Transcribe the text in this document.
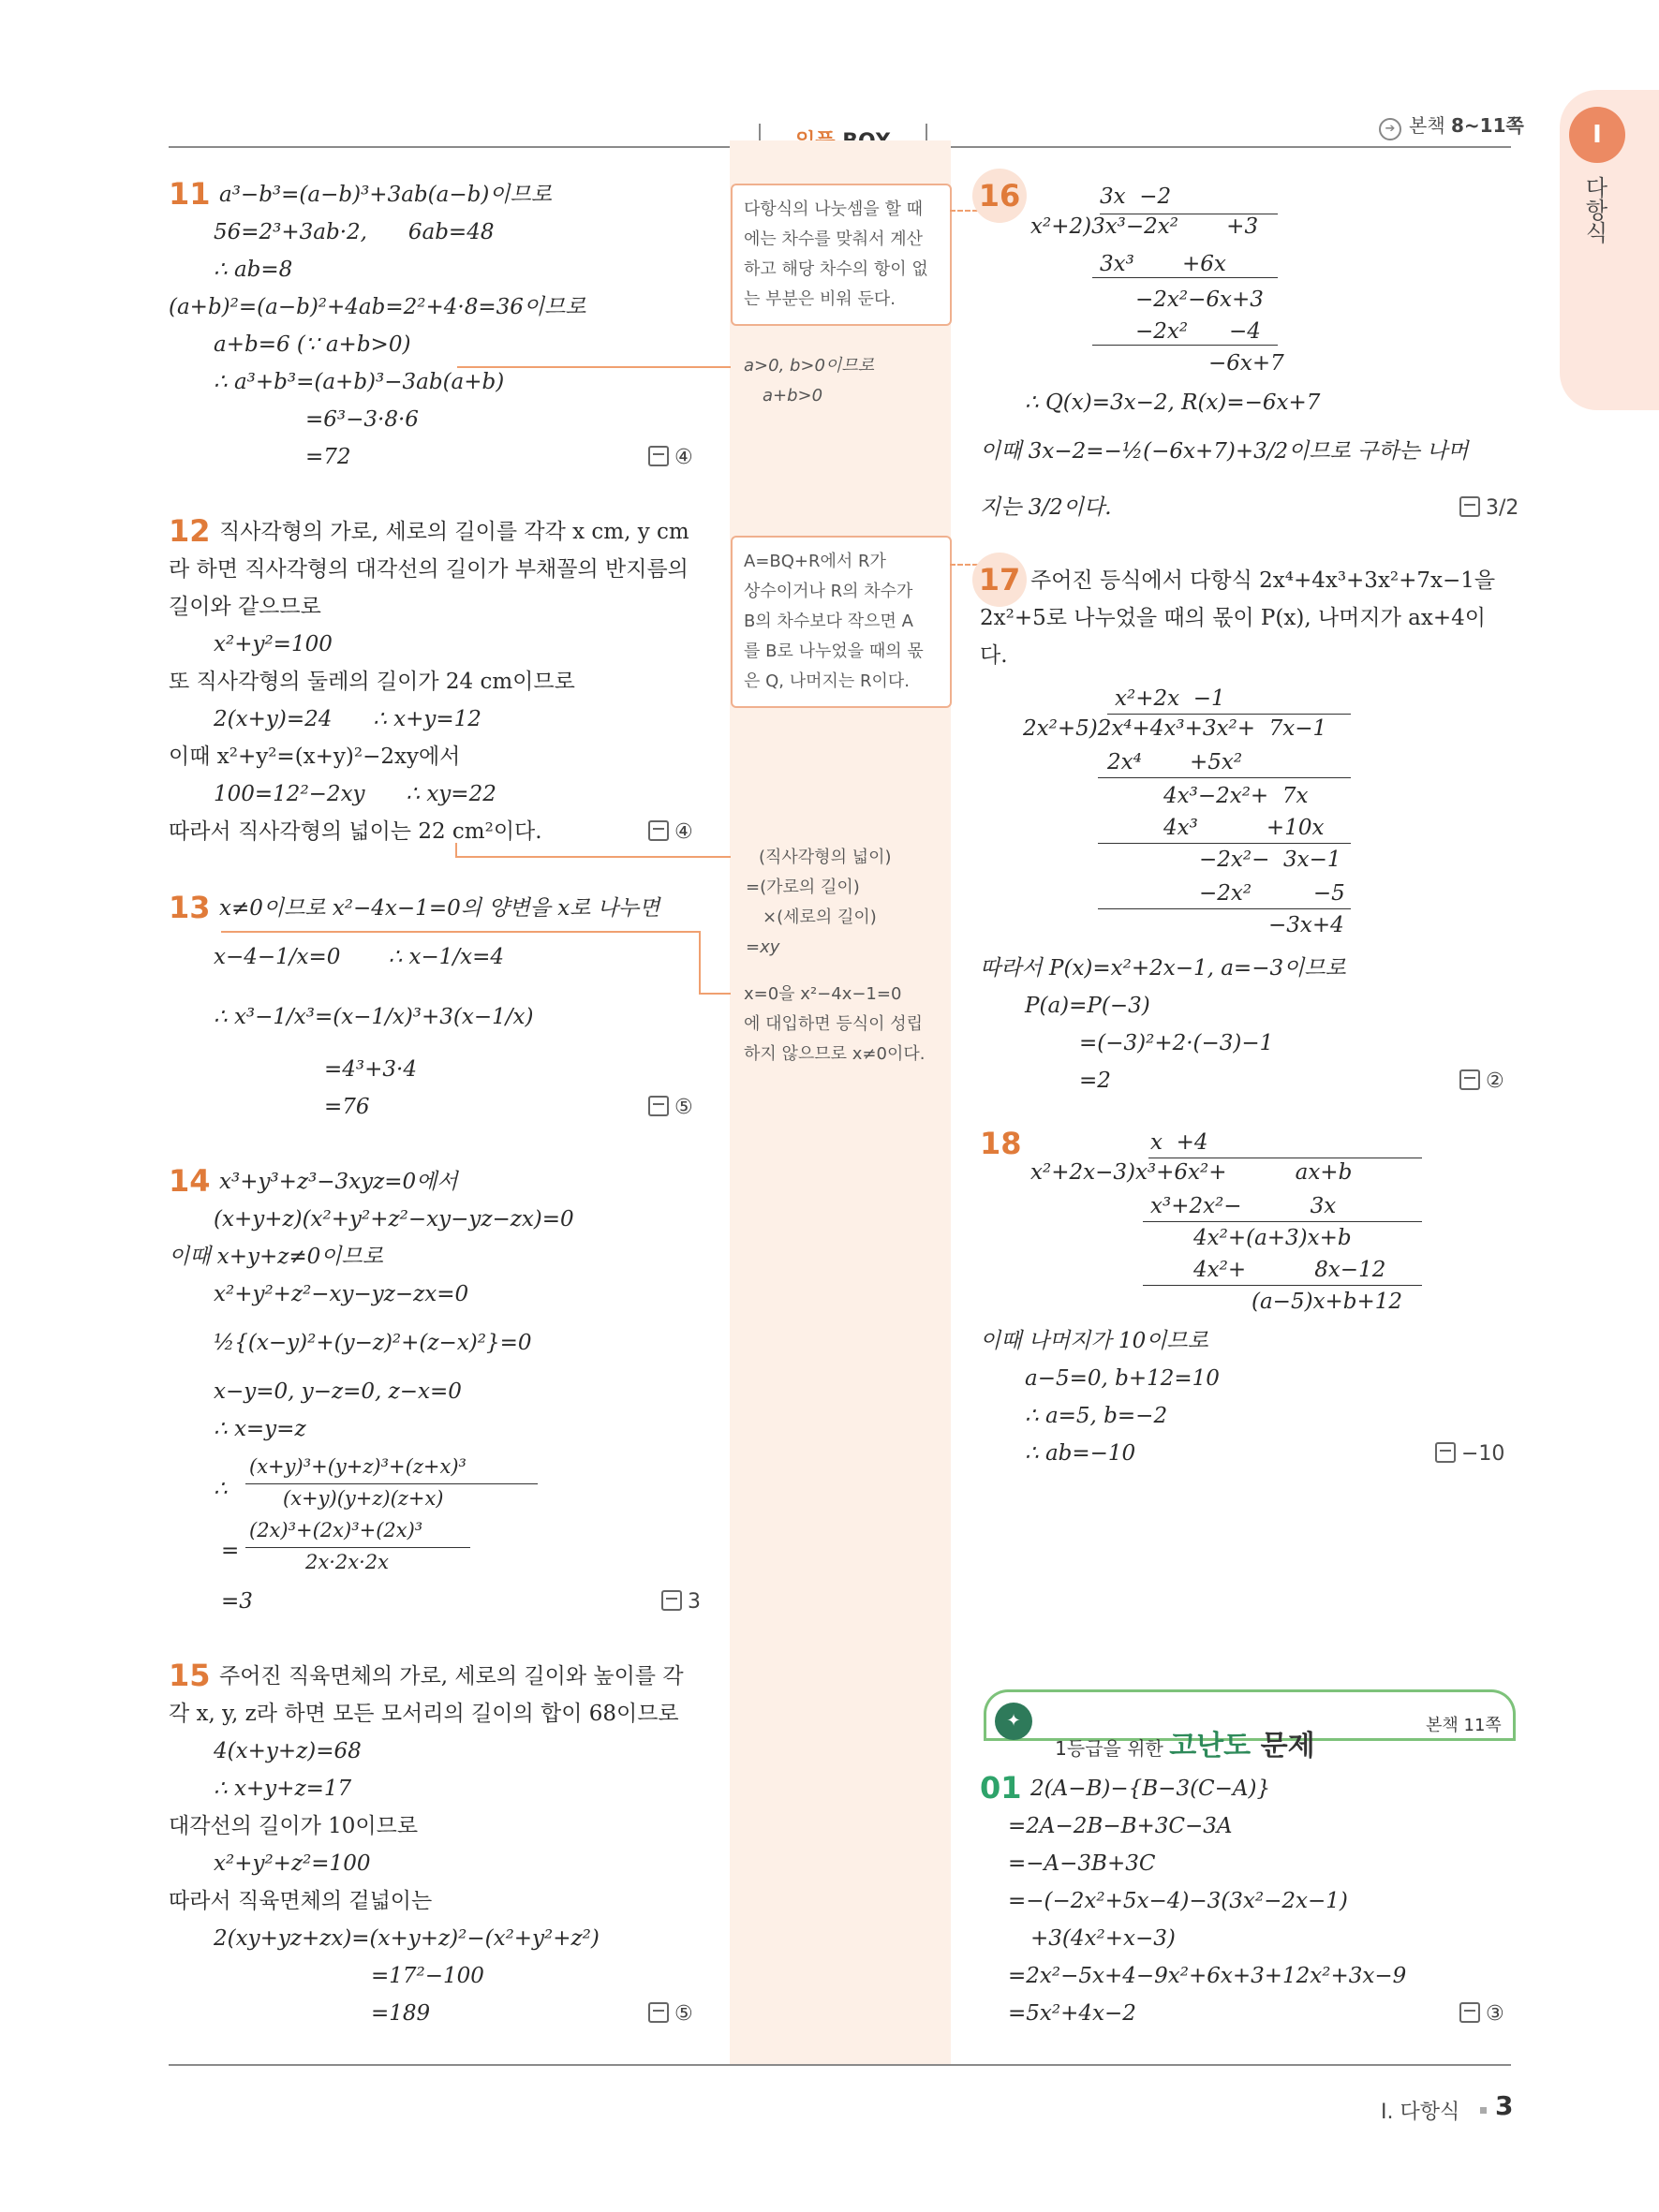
I
다항식
➔ 본책 8~11쪽
다항식의 나눗셈을 할 때
에는 차수를 맞춰서 계산
하고 해당 차수의 항이 없
는 부분은 비워 둔다.
a>0, b>0이므로
a+b>0
A=BQ+R에서 R가
상수이거나 R의 차수가
B의 차수보다 작으면 A
를 B로 나누었을 때의 몫
은 Q, 나머지는 R이다.
(직사각형의 넓이)
=(가로의 길이)
×(세로의 길이)
=xy
x=0을 x²−4x−1=0
에 대입하면 등식이 성립
하지 않으므로 x≠0이다.
11 a³−b³=(a−b)³+3ab(a−b)이므로
56=2³+3ab·2,      6ab=48
∴ ab=8
(a+b)²=(a−b)²+4ab=2²+4·8=36이므로
a+b=6 (∵ a+b>0)
∴ a³+b³=(a+b)³−3ab(a+b)
=6³−3·8·6
=72	④
12 직사각형의 가로, 세로의 길이를 각각 x cm, y cm
라 하면 직사각형의 대각선의 길이가 부채꼴의 반지름의
길이와 같으므로
x²+y²=100
또 직사각형의 둘레의 길이가 24 cm이므로
2(x+y)=24      ∴ x+y=12
이때 x²+y²=(x+y)²−2xy에서
100=12²−2xy      ∴ xy=22
따라서 직사각형의 넓이는 22 cm²이다.	④
13 x≠0이므로 x²−4x−1=0의 양변을 x로 나누면
x−4−1/x=0       ∴ x−1/x=4
∴ x³−1/x³=(x−1/x)³+3(x−1/x)
=4³+3·4
=76	⑤
14 x³+y³+z³−3xyz=0에서
(x+y+z)(x²+y²+z²−xy−yz−zx)=0
이때 x+y+z≠0이므로
x²+y²+z²−xy−yz−zx=0
½{(x−y)²+(y−z)²+(z−x)²}=0
x−y=0, y−z=0, z−x=0
∴ x=y=z
∴
(x+y)³+(y+z)³+(z+x)³
(x+y)(y+z)(z+x)
=
(2x)³+(2x)³+(2x)³
2x·2x·2x
=3	3
15 주어진 직육면체의 가로, 세로의 길이와 높이를 각
각 x, y, z라 하면 모든 모서리의 길이의 합이 68이므로
4(x+y+z)=68
∴ x+y+z=17
대각선의 길이가 10이므로
x²+y²+z²=100
따라서 직육면체의 겉넓이는
2(xy+yz+zx)=(x+y+z)²−(x²+y²+z²)
=17²−100
=189	⑤
16	3x  −2
x²+2)3x³−2x²       +3
3x³       +6x
−2x²−6x+3
−2x²      −4
−6x+7
∴ Q(x)=3x−2, R(x)=−6x+7
이때 3x−2=−½(−6x+7)+3/2이므로 구하는 나머
지는 3/2이다.	3/2
17 주어진 등식에서 다항식 2x⁴+4x³+3x²+7x−1을
2x²+5로 나누었을 때의 몫이 P(x), 나머지가 ax+4이
다.
x²+2x  −1
2x²+5)2x⁴+4x³+3x²+  7x−1
2x⁴       +5x²
4x³−2x²+  7x
4x³          +10x
−2x²−  3x−1
−2x²         −5
−3x+4
따라서 P(x)=x²+2x−1, a=−3이므로
P(a)=P(−3)
=(−3)²+2·(−3)−1
=2	②
18	x  +4
x²+2x−3)x³+6x²+          ax+b
x³+2x²−          3x
4x²+(a+3)x+b
4x²+          8x−12
(a−5)x+b+12
이때 나머지가 10이므로
a−5=0, b+12=10
∴ a=5, b=−2
∴ ab=−10	−10
✦

1등급을 위한 고난도 문제

본책 11쪽
01 2(A−B)−{B−3(C−A)}
=2A−2B−B+3C−3A
=−A−3B+3C
=−(−2x²+5x−4)−3(3x²−2x−1)
+3(4x²+x−3)
=2x²−5x+4−9x²+6x+3+12x²+3x−9
=5x²+4x−2	③
I. 다항식 3
